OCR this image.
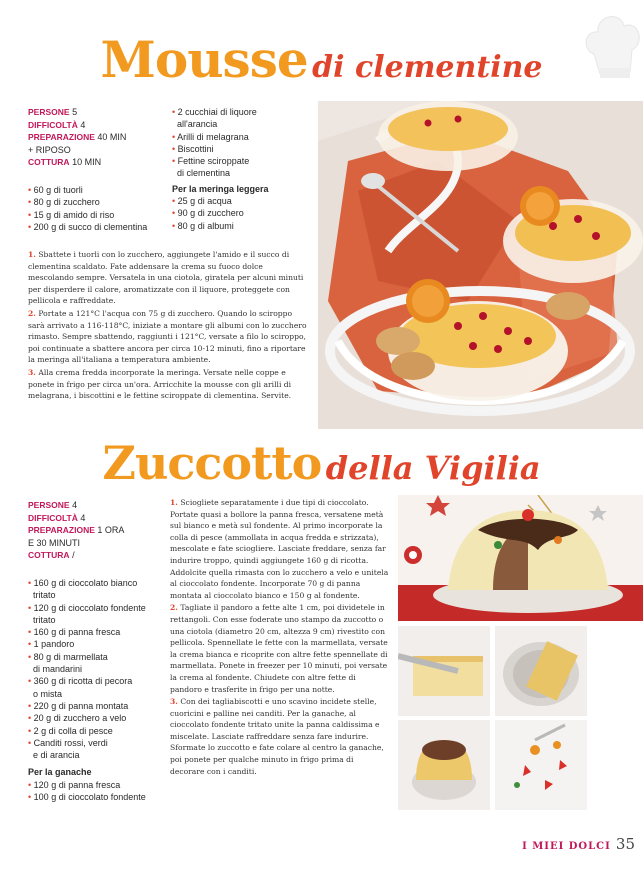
Mousse di clementine
PERSONE 5
DIFFICOLTÀ 4
PREPARAZIONE 40 MIN
+ RIPOSO
COTTURA 10 MIN
• 60 g di tuorli
• 80 g di zucchero
• 15 g di amido di riso
• 200 g di succo di clementina
• 2 cucchiai di liquore
all'arancia
• Arilli di melagrana
• Biscottini
• Fettine sciroppate
di clementina
Per la meringa leggera
• 25 g di acqua
• 90 g di zucchero
• 80 g di albumi

1. Sbattete i tuorli con lo zucchero, aggiungete l'amido e il succo di clementina scaldato. Fate addensare la crema su fuoco dolce mescolando sempre. Versatela in una ciotola, giratela per alcuni minuti per disperdere il calore, aromatizzate con il liquore, proteggete con pellicola e raffreddate.

2. Portate a 121°C l'acqua con 75 g di zucchero. Quando lo sciroppo sarà arrivato a 116-118°C, iniziate a montare gli albumi con lo zucchero rimasto. Sempre sbattendo, raggiunti i 121°C, versate a filo lo sciroppo, poi continuate a sbattere ancora per circa 10-12 minuti, fino a riportare la meringa all'italiana a temperatura ambiente.

3. Alla crema fredda incorporate la meringa. Versate nelle coppe e ponete in frigo per circa un'ora. Arricchite la mousse con gli arilli di melagrana, i biscottini e le fettine sciroppate di clementina. Servite.

Zuccotto della Vigilia
PERSONE 4
DIFFICOLTÀ 4
PREPARAZIONE 1 ORA
E 30 MINUTI
COTTURA /
• 160 g di cioccolato bianco
tritato
• 120 g di cioccolato fondente
tritato
• 160 g di panna fresca
• 1 pandoro
• 80 g di marmellata
di mandarini
• 360 g di ricotta di pecora
o mista
• 220 g di panna montata
• 20 g di zucchero a velo
• 2 g di colla di pesce
• Canditi rossi, verdi
e di arancia
Per la ganache
• 120 g di panna fresca
• 100 g di cioccolato fondente

1. Sciogliete separatamente i due tipi di cioccolato. Portate quasi a bollore la panna fresca, versatene metà sul bianco e metà sul fondente. Al primo incorporate la colla di pesce (ammollata in acqua fredda e strizzata), mescolate e fate sciogliere. Lasciate freddare, senza far indurire troppo, quindi aggiungete 160 g di ricotta. Addolcite quella rimasta con lo zucchero a velo e unitela al cioccolato fondente. Incorporate 70 g di panna montata al cioccolato bianco e 150 g al fondente.

2. Tagliate il pandoro a fette alte 1 cm, poi dividetele in rettangoli. Con esse foderate uno stampo da zuccotto o una ciotola (diametro 20 cm, altezza 9 cm) rivestito con pellicola. Spennellate le fette con la marmellata, versate la crema bianca e ricoprite con altre fette spennellate di marmellata. Ponete in freezer per 10 minuti, poi versate la crema al fondente. Chiudete con altre fette di pandoro e trasferite in frigo per una notte.

3. Con dei tagliabiscotti e uno scavino incidete stelle, cuoricini e palline nei canditi. Per la ganache, al cioccolato fondente tritato unite la panna caldissima e miscelate. Lasciate raffreddare senza fare indurire. Sformate lo zuccotto e fate colare al centro la ganache, poi ponete per qualche minuto in frigo prima di decorare con i canditi.

I MIEI DOLCI 35
